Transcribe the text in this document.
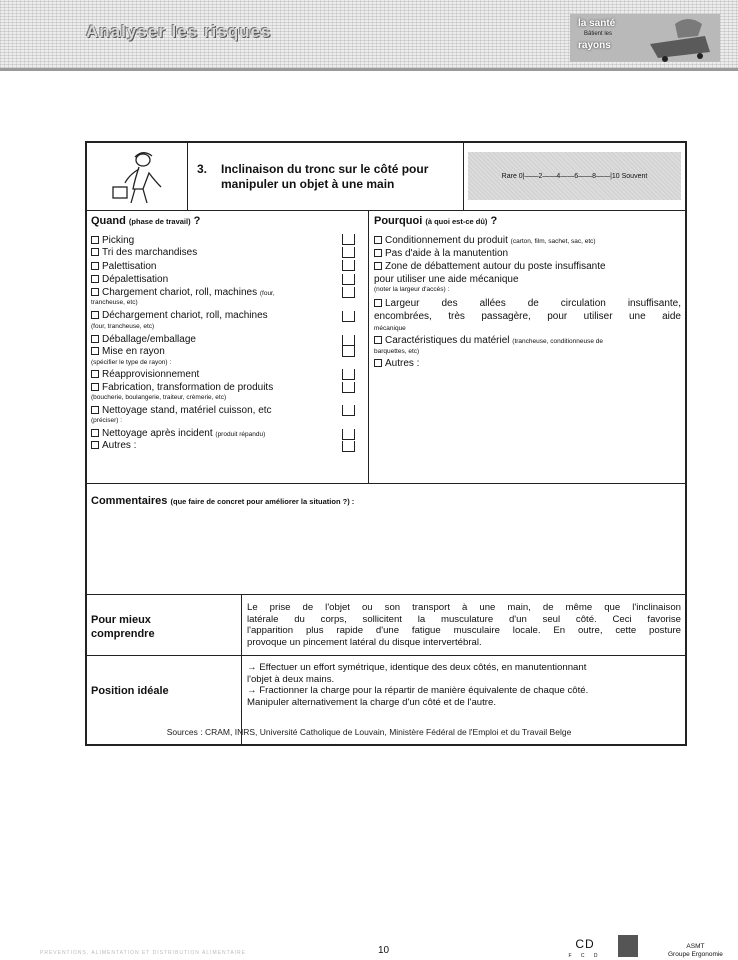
Analyser les risques	la santé
Bâtient les
rayons
3. Inclinaison du tronc sur le côté pour
manipuler un objet à une main
Rare 0|——2——4——6——8——|10 Souvent
Quand (phase de travail) ?
Picking
Tri des marchandises
Palettisation
Dépalettisation
Chargement chariot, roll, machines (four,
trancheuse, etc)
Déchargement chariot, roll, machines
(four, trancheuse, etc)
Déballage/emballage
Mise en rayon
(spécifier le type de rayon) :
Réapprovisionnement
Fabrication, transformation de produits
(boucherie, boulangerie, traiteur, crèmerie, etc)
Nettoyage stand, matériel cuisson, etc
(préciser) :
Nettoyage après incident (produit répandu)
Autres :
Pourquoi (à quoi est-ce dû) ?
Conditionnement du produit (carton, film, sachet, sac, etc)
Pas d'aide à la manutention
Zone de débattement autour du poste insuffisante
pour utiliser une aide mécanique
(noter la largeur d'accès) :
Largeur des allées de circulation insuffisante,
encombrées, très passagère, pour utiliser une aide
mécanique
Caractéristiques du matériel (trancheuse, conditionneuse de
barquettes, etc)
Autres :
Commentaires (que faire de concret pour améliorer la situation ?) :
Pour mieux
comprendre
Le prise de l'objet ou son transport à une main, de même que l'inclinaison
latérale du corps, sollicitent la musculature d'un seul côté. Ceci favorise
l'apparition plus rapide d'une fatigue musculaire locale. En outre, cette posture
provoque un pincement latéral du disque intervertébral.
Position idéale
→ Effectuer un effort symétrique, identique des deux côtés, en manutentionnant
l'objet à deux mains.
→ Fractionner la charge pour la répartir de manière équivalente de chaque côté.
Manipuler alternativement la charge d'un côté et de l'autre.
Sources : CRAM, INRS, Université Catholique de Louvain, Ministère Fédéral de l'Emploi et du Travail Belge
PREVENTIONS, ALIMENTATION ET DISTRIBUTION ALIMENTAIRE	10	CD
F C D
ASMT
Groupe Ergonomie
